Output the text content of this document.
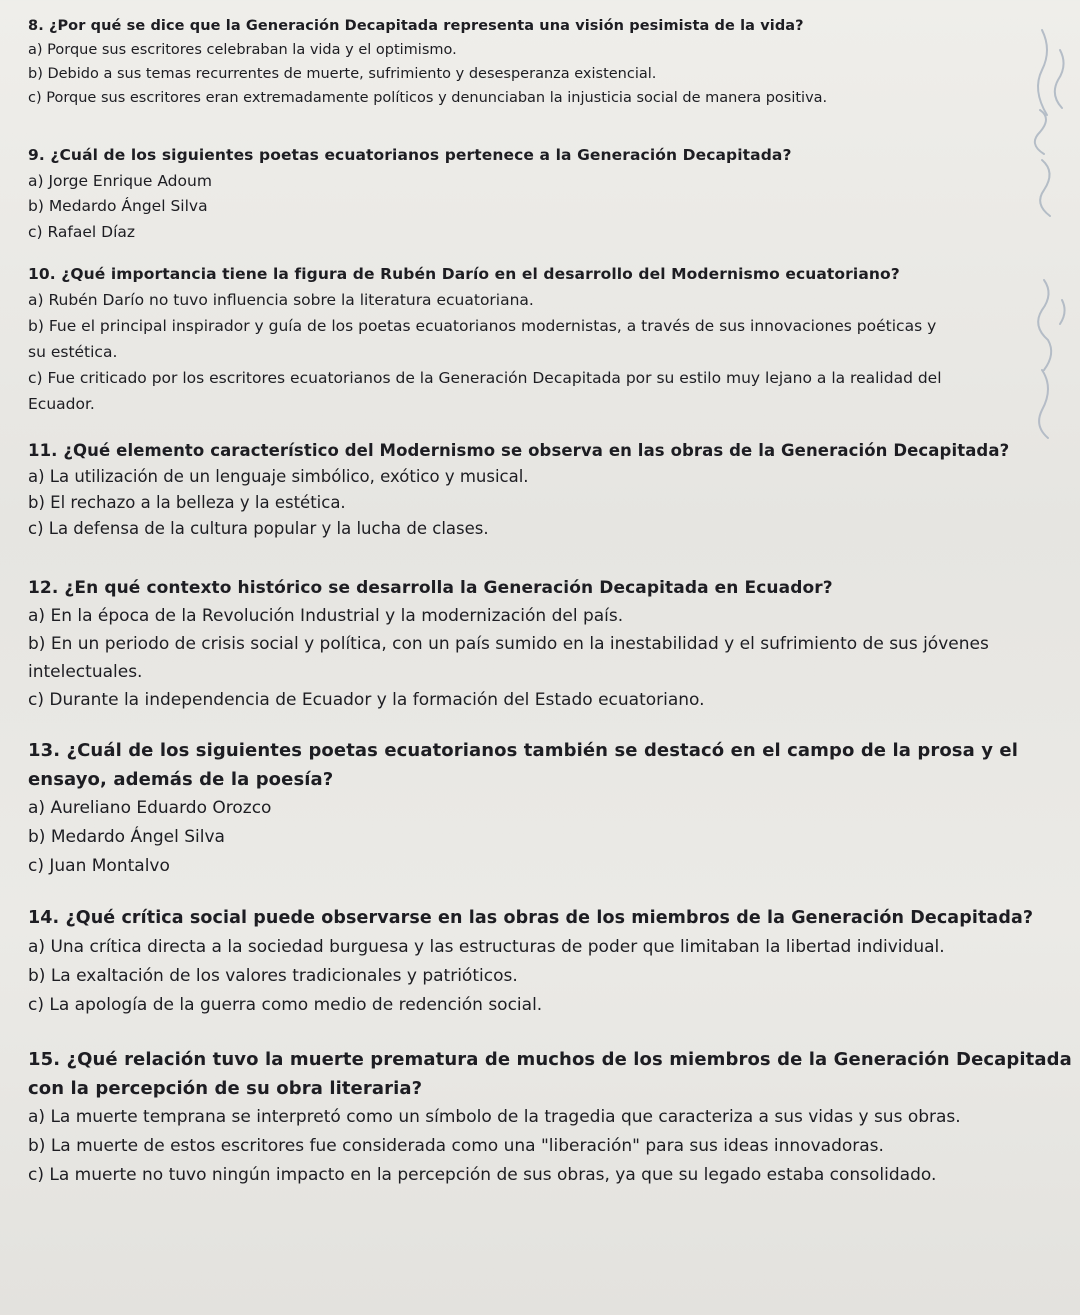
8. ¿Por qué se dice que la Generación Decapitada representa una visión pesimista de la vida?

a) Porque sus escritores celebraban la vida y el optimismo.

b) Debido a sus temas recurrentes de muerte, sufrimiento y desesperanza existencial.

c) Porque sus escritores eran extremadamente políticos y denunciaban la injusticia social de manera positiva.

9. ¿Cuál de los siguientes poetas ecuatorianos pertenece a la Generación Decapitada?

a) Jorge Enrique Adoum

b) Medardo Ángel Silva

c) Rafael Díaz

10. ¿Qué importancia tiene la figura de Rubén Darío en el desarrollo del Modernismo ecuatoriano?

a) Rubén Darío no tuvo influencia sobre la literatura ecuatoriana.

b) Fue el principal inspirador y guía de los poetas ecuatorianos modernistas, a través de sus innovaciones poéticas y su estética.

c) Fue criticado por los escritores ecuatorianos de la Generación Decapitada por su estilo muy lejano a la realidad del Ecuador.

11. ¿Qué elemento característico del Modernismo se observa en las obras de la Generación Decapitada?

a) La utilización de un lenguaje simbólico, exótico y musical.

b) El rechazo a la belleza y la estética.

c) La defensa de la cultura popular y la lucha de clases.

12. ¿En qué contexto histórico se desarrolla la Generación Decapitada en Ecuador?

a) En la época de la Revolución Industrial y la modernización del país.

b) En un periodo de crisis social y política, con un país sumido en la inestabilidad y el sufrimiento de sus jóvenes intelectuales.

c) Durante la independencia de Ecuador y la formación del Estado ecuatoriano.

13. ¿Cuál de los siguientes poetas ecuatorianos también se destacó en el campo de la prosa y el ensayo, además de la poesía?

a) Aureliano Eduardo Orozco

b) Medardo Ángel Silva

c) Juan Montalvo

14. ¿Qué crítica social puede observarse en las obras de los miembros de la Generación Decapitada?

a) Una crítica directa a la sociedad burguesa y las estructuras de poder que limitaban la libertad individual.

b) La exaltación de los valores tradicionales y patrióticos.

c) La apología de la guerra como medio de redención social.

15. ¿Qué relación tuvo la muerte prematura de muchos de los miembros de la Generación Decapitada con la percepción de su obra literaria?

a) La muerte temprana se interpretó como un símbolo de la tragedia que caracteriza a sus vidas y sus obras.

b) La muerte de estos escritores fue considerada como una "liberación" para sus ideas innovadoras.

c) La muerte no tuvo ningún impacto en la percepción de sus obras, ya que su legado estaba consolidado.
